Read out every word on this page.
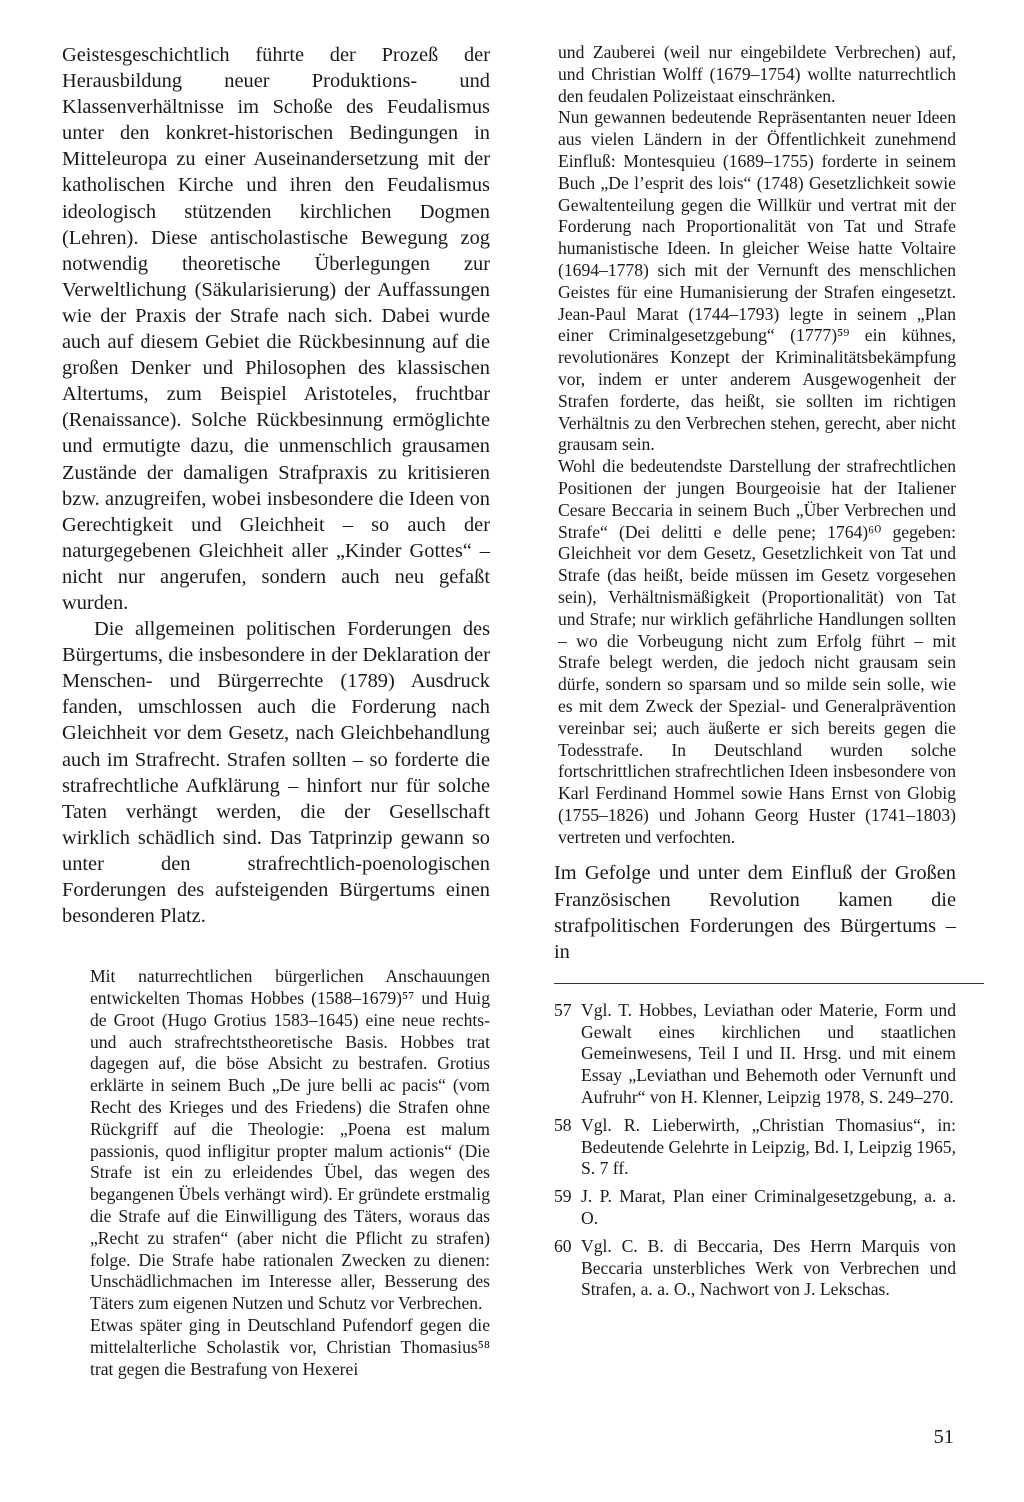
Geistesgeschichtlich führte der Prozeß der Herausbildung neuer Produktions- und Klassenverhältnisse im Schoße des Feudalismus unter den konkret-historischen Bedingungen in Mitteleuropa zu einer Auseinandersetzung mit der katholischen Kirche und ihren den Feudalismus ideologisch stützenden kirchlichen Dogmen (Lehren). Diese antischolastische Bewegung zog notwendig theoretische Überlegungen zur Verweltlichung (Säkularisierung) der Auffassungen wie der Praxis der Strafe nach sich. Dabei wurde auch auf diesem Gebiet die Rückbesinnung auf die großen Denker und Philosophen des klassischen Altertums, zum Beispiel Aristoteles, fruchtbar (Renaissance). Solche Rückbesinnung ermöglichte und ermutigte dazu, die unmenschlich grausamen Zustände der damaligen Strafpraxis zu kritisieren bzw. anzugreifen, wobei insbesondere die Ideen von Gerechtigkeit und Gleichheit – so auch der naturgegebenen Gleichheit aller „Kinder Gottes“ – nicht nur angerufen, sondern auch neu gefaßt wurden.

Die allgemeinen politischen Forderungen des Bürgertums, die insbesondere in der Deklaration der Menschen- und Bürgerrechte (1789) Ausdruck fanden, umschlossen auch die Forderung nach Gleichheit vor dem Gesetz, nach Gleichbehandlung auch im Strafrecht. Strafen sollten – so forderte die strafrechtliche Aufklärung – hinfort nur für solche Taten verhängt werden, die der Gesellschaft wirklich schädlich sind. Das Tatprinzip gewann so unter den strafrechtlich-poenologischen Forderungen des aufsteigenden Bürgertums einen besonderen Platz.

Mit naturrechtlichen bürgerlichen Anschauungen entwickelten Thomas Hobbes (1588–1679)⁵⁷ und Huig de Groot (Hugo Grotius 1583–1645) eine neue rechts- und auch strafrechtstheoretische Basis. Hobbes trat dagegen auf, die böse Absicht zu bestrafen. Grotius erklärte in seinem Buch „De jure belli ac pacis“ (vom Recht des Krieges und des Friedens) die Strafen ohne Rückgriff auf die Theologie: „Poena est malum passionis, quod infligitur propter malum actionis“ (Die Strafe ist ein zu erleidendes Übel, das wegen des begangenen Übels verhängt wird). Er gründete erstmalig die Strafe auf die Einwilligung des Täters, woraus das „Recht zu strafen“ (aber nicht die Pflicht zu strafen) folge. Die Strafe habe rationalen Zwecken zu dienen: Unschädlichmachen im Interesse aller, Besserung des Täters zum eigenen Nutzen und Schutz vor Verbrechen.

Etwas später ging in Deutschland Pufendorf gegen die mittelalterliche Scholastik vor, Christian Thomasius⁵⁸ trat gegen die Bestrafung von Hexerei

und Zauberei (weil nur eingebildete Verbrechen) auf, und Christian Wolff (1679–1754) wollte naturrechtlich den feudalen Polizeistaat einschränken.

Nun gewannen bedeutende Repräsentanten neuer Ideen aus vielen Ländern in der Öffentlichkeit zunehmend Einfluß: Montesquieu (1689–1755) forderte in seinem Buch „De l’esprit des lois“ (1748) Gesetzlichkeit sowie Gewaltenteilung gegen die Willkür und vertrat mit der Forderung nach Proportionalität von Tat und Strafe humanistische Ideen. In gleicher Weise hatte Voltaire (1694–1778) sich mit der Vernunft des menschlichen Geistes für eine Humanisierung der Strafen eingesetzt. Jean-Paul Marat (1744–1793) legte in seinem „Plan einer Criminalgesetzgebung“ (1777)⁵⁹ ein kühnes, revolutionäres Konzept der Kriminalitätsbekämpfung vor, indem er unter anderem Ausgewogenheit der Strafen forderte, das heißt, sie sollten im richtigen Verhältnis zu den Verbrechen stehen, gerecht, aber nicht grausam sein.

Wohl die bedeutendste Darstellung der strafrechtlichen Positionen der jungen Bourgeoisie hat der Italiener Cesare Beccaria in seinem Buch „Über Verbrechen und Strafe“ (Dei delitti e delle pene; 1764)⁶⁰ gegeben: Gleichheit vor dem Gesetz, Gesetzlichkeit von Tat und Strafe (das heißt, beide müssen im Gesetz vorgesehen sein), Verhältnismäßigkeit (Proportionalität) von Tat und Strafe; nur wirklich gefährliche Handlungen sollten – wo die Vorbeugung nicht zum Erfolg führt – mit Strafe belegt werden, die jedoch nicht grausam sein dürfe, sondern so sparsam und so milde sein solle, wie es mit dem Zweck der Spezial- und Generalprävention vereinbar sei; auch äußerte er sich bereits gegen die Todesstrafe. In Deutschland wurden solche fortschrittlichen strafrechtlichen Ideen insbesondere von Karl Ferdinand Hommel sowie Hans Ernst von Globig (1755–1826) und Johann Georg Huster (1741–1803) vertreten und verfochten.

Im Gefolge und unter dem Einfluß der Großen Französischen Revolution kamen die strafpolitischen Forderungen des Bürgertums – in

57 Vgl. T. Hobbes, Leviathan oder Materie, Form und Gewalt eines kirchlichen und staatlichen Gemeinwesens, Teil I und II. Hrsg. und mit einem Essay „Leviathan und Behemoth oder Vernunft und Aufruhr“ von H. Klenner, Leipzig 1978, S. 249–270.
58 Vgl. R. Lieberwirth, „Christian Thomasius“, in: Bedeutende Gelehrte in Leipzig, Bd. I, Leipzig 1965, S. 7 ff.
59 J. P. Marat, Plan einer Criminalgesetzgebung, a. a. O.
60 Vgl. C. B. di Beccaria, Des Herrn Marquis von Beccaria unsterbliches Werk von Verbrechen und Strafen, a. a. O., Nachwort von J. Lekschas.
51
